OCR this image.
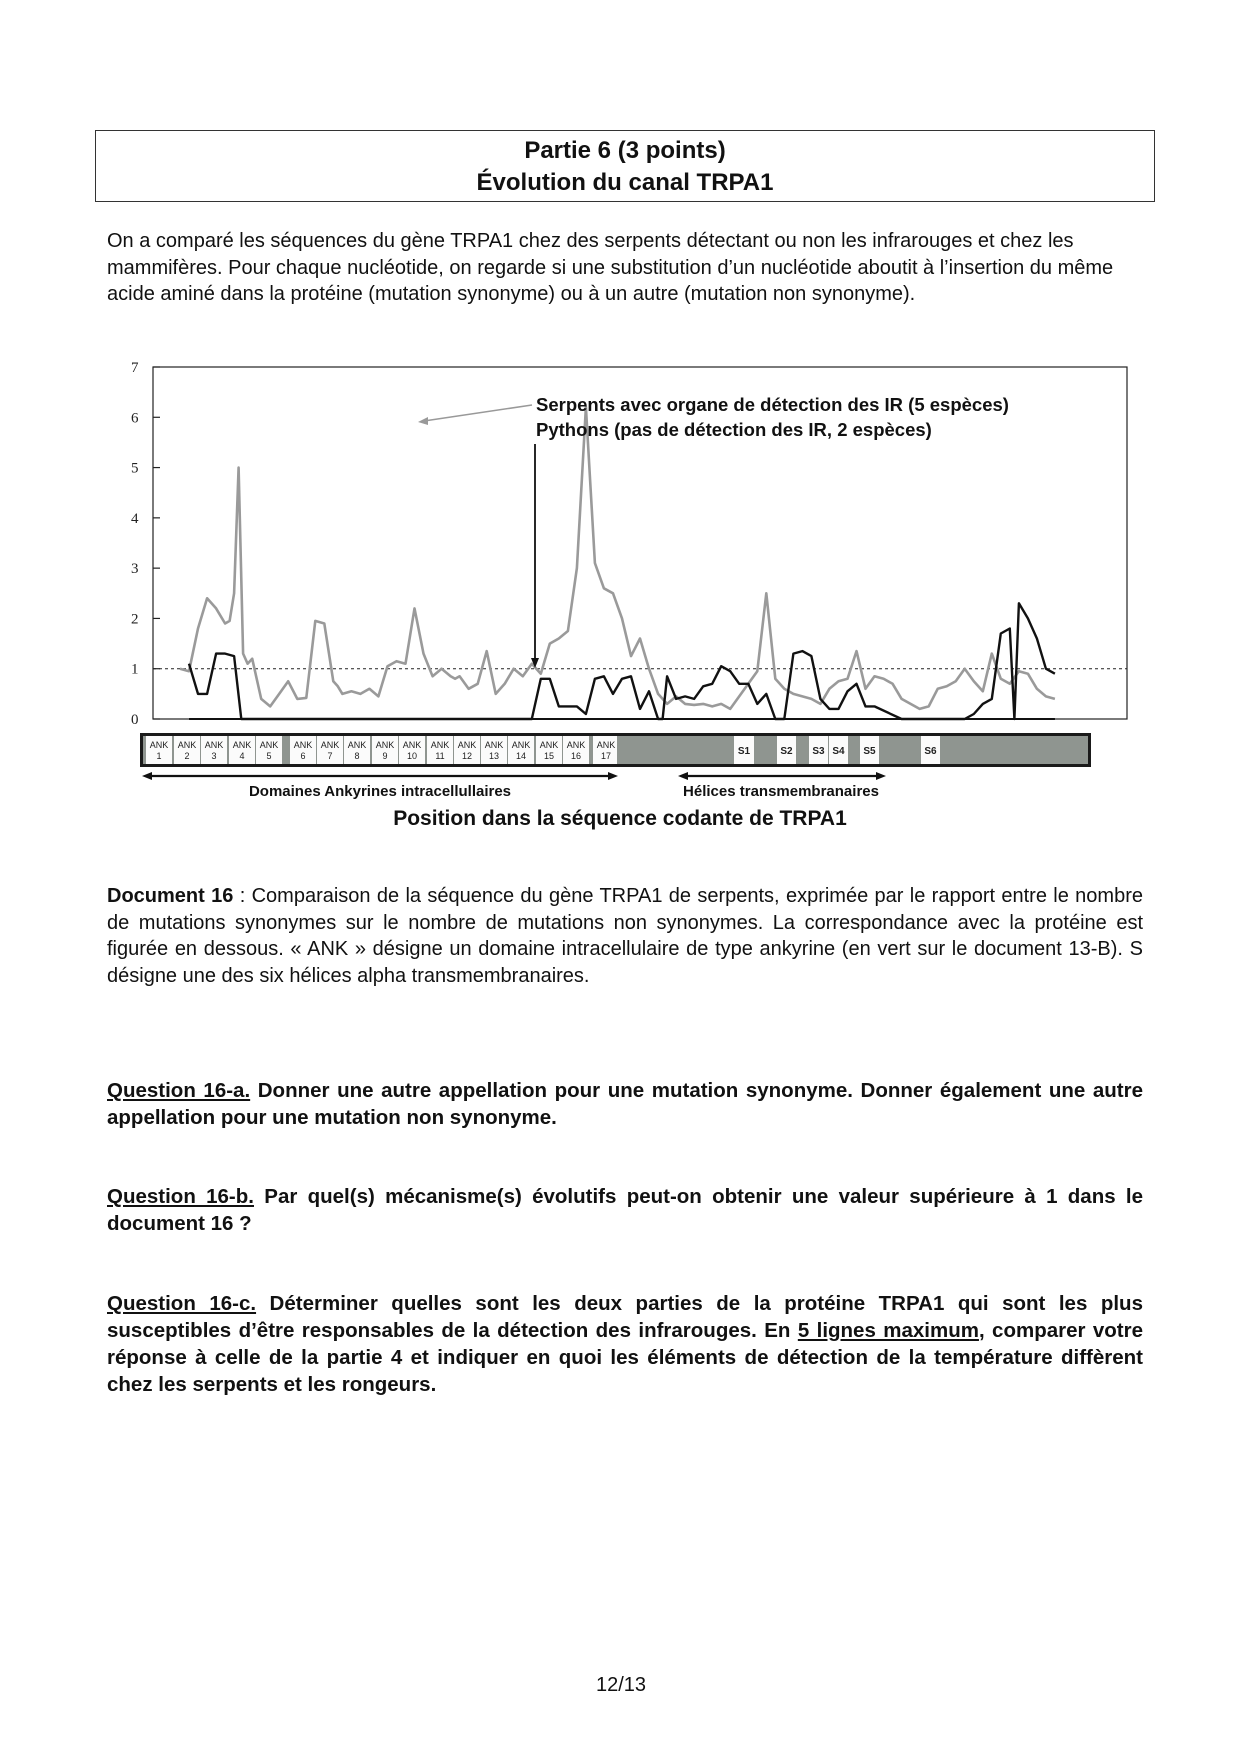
Partie 6 (3 points)
Évolution du canal TRPA1
On a comparé les séquences du gène TRPA1 chez des serpents détectant ou non les infrarouges et chez les mammifères. Pour chaque nucléotide, on regarde si une substitution d’un nucléotide aboutit à l’insertion du même acide aminé dans la protéine (mutation synonyme) ou à un autre (mutation non synonyme).
0
1
2
3
4
5
6
7
Serpents avec organe de détection des IR (5 espèces)
Pythons (pas de détection des IR, 2 espèces)
ANK
1
ANK
2
ANK
3
ANK
4
ANK
5
ANK
6
ANK
7
ANK
8
ANK
9
ANK
10
ANK
11
ANK
12
ANK
13
ANK
14
ANK
15
ANK
16
ANK
17	S1	S2 S3 S4 S5	S6
Domaines Ankyrines intracellullaires	Hélices transmembranaires
Position dans la séquence codante de TRPA1
Document 16 : Comparaison de la séquence du gène TRPA1 de serpents, exprimée par le rapport entre le nombre de mutations synonymes sur le nombre de mutations non synonymes. La correspondance avec la protéine est figurée en dessous. « ANK » désigne un domaine intracellulaire de type ankyrine (en vert sur le document 13-B). S désigne une des six hélices alpha transmembranaires.
Question 16-a. Donner une autre appellation pour une mutation synonyme. Donner également une autre appellation pour une mutation non synonyme.
Question 16-b. Par quel(s) mécanisme(s) évolutifs peut-on obtenir une valeur supérieure à 1 dans le document 16 ?
Question 16-c. Déterminer quelles sont les deux parties de la protéine TRPA1 qui sont les plus susceptibles d’être responsables de la détection des infrarouges. En 5 lignes maximum, comparer votre réponse à celle de la partie 4 et indiquer en quoi les éléments de détection de la température diffèrent chez les serpents et les rongeurs.
12/13
